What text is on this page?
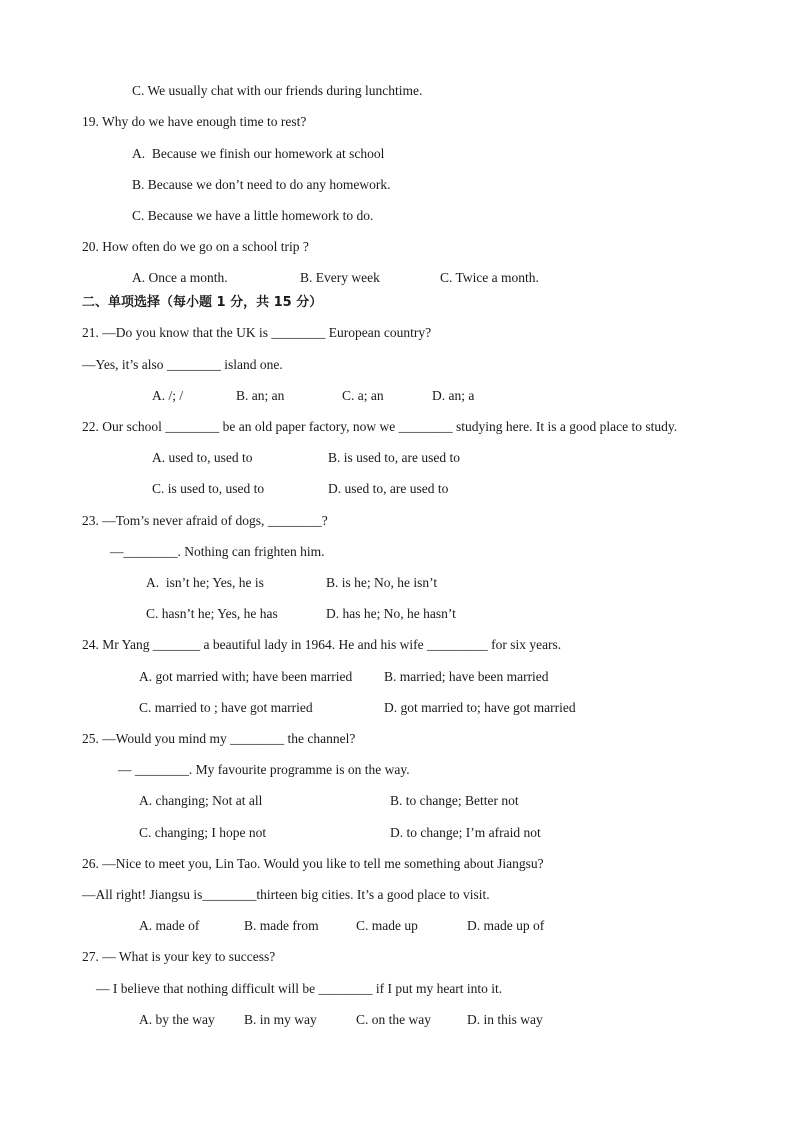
C. We usually chat with our friends during lunchtime.
19. Why do we have enough time to rest?
A.  Because we finish our homework at school
B. Because we don’t need to do any homework.
C. Because we have a little homework to do.
20. How often do we go on a school trip ?
A. Once a month.	B. Every week	C. Twice a month.
二、单项选择（每小题 1 分，共 15 分）
21. —Do you know that the UK is ________ European country?
—Yes, it’s also ________ island one.
A. /; /	B. an; an	C. a; an	D. an; a
22. Our school ________ be an old paper factory, now we ________ studying here. It is a good place to study.
A. used to, used to	B. is used to, are used to
C. is used to, used to	D. used to, are used to
23. —Tom’s never afraid of dogs, ________?
—________. Nothing can frighten him.
A.  isn’t he; Yes, he is	B. is he; No, he isn’t
C. hasn’t he; Yes, he has	D. has he; No, he hasn’t
24. Mr Yang _______ a beautiful lady in 1964. He and his wife _________ for six years.
A. got married with; have been married B. married; have been married
C. married to ; have got married	D. got married to; have got married
25. —Would you mind my ________ the channel?
— ________. My favourite programme is on the way.
A. changing; Not at all	B. to change; Better not
C. changing; I hope not	D. to change; I’m afraid not
26. —Nice to meet you, Lin Tao. Would you like to tell me something about Jiangsu?
—All right! Jiangsu is________thirteen big cities. It’s a good place to visit.
A. made of	B. made from	C. made up	D. made up of
27. — What is your key to success?
— I believe that nothing difficult will be ________ if I put my heart into it.
A. by the way B. in my way	C. on the way	D. in this way
